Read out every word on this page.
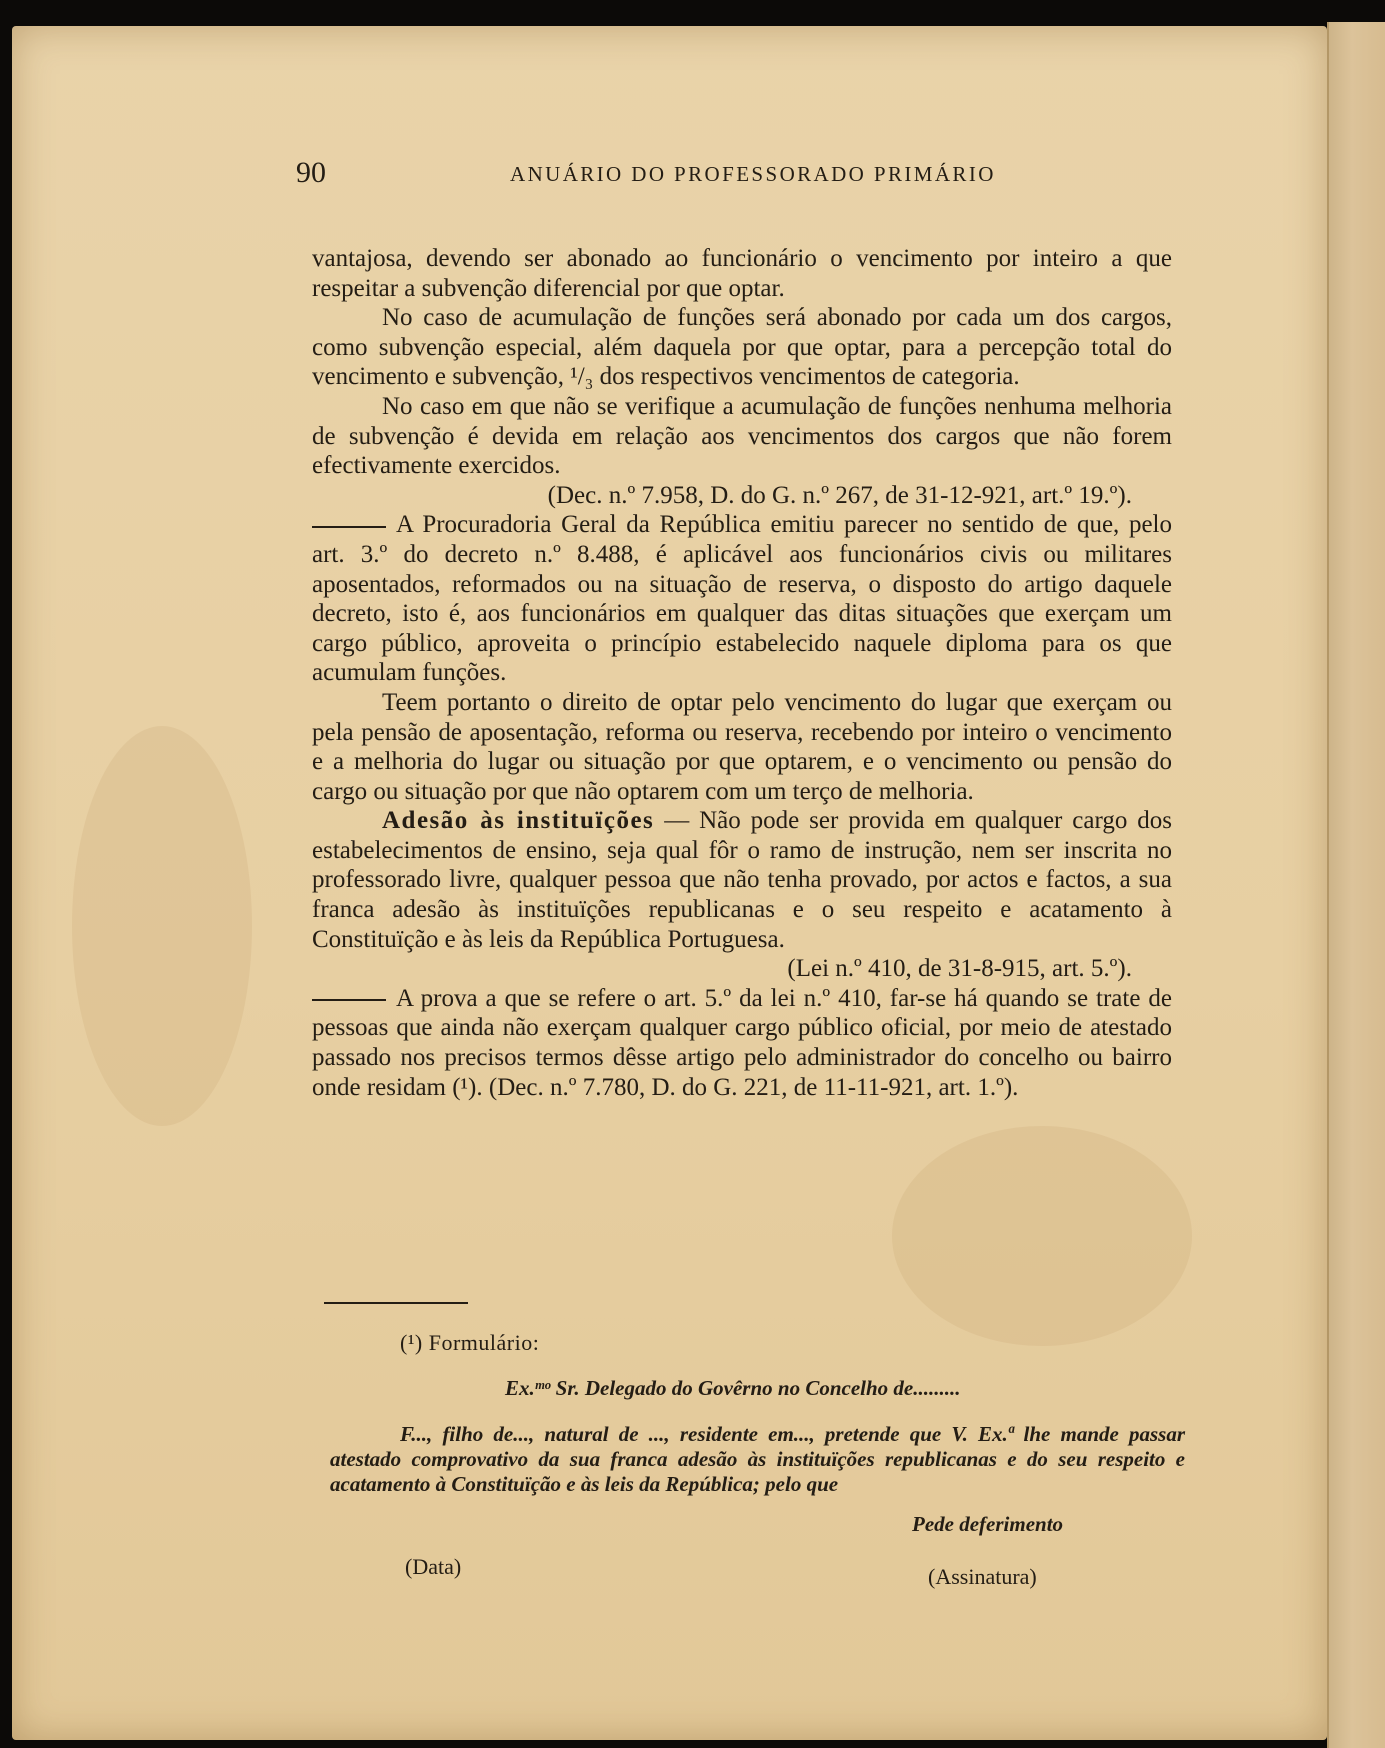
90	ANUÁRIO DO PROFESSORADO PRIMÁRIO

vantajosa, devendo ser abonado ao funcionário o vencimento por inteiro a que respeitar a subvenção diferencial por que optar.

No caso de acumulação de funções será abonado por cada um dos cargos, como subvenção especial, além daquela por que optar, para a percepção total do vencimento e subvenção, ¹/₃ dos respectivos vencimentos de categoria.

No caso em que não se verifique a acumulação de funções nenhuma melhoria de subvenção é devida em relação aos vencimentos dos cargos que não forem efectivamente exercidos.

(Dec. n.º 7.958, D. do G. n.º 267, de 31-12-921, art.º 19.º).

A Procuradoria Geral da República emitiu parecer no sentido de que, pelo art. 3.º do decreto n.º 8.488, é aplicável aos funcionários civis ou militares aposentados, reformados ou na situação de reserva, o disposto do artigo daquele decreto, isto é, aos funcionários em qualquer das ditas situações que exerçam um cargo público, aproveita o princípio estabelecido naquele diploma para os que acumulam funções.

Teem portanto o direito de optar pelo vencimento do lugar que exerçam ou pela pensão de aposentação, reforma ou reserva, recebendo por inteiro o vencimento e a melhoria do lugar ou situação por que optarem, e o vencimento ou pensão do cargo ou situação por que não optarem com um terço de melhoria.

Adesão às instituïções — Não pode ser provida em qualquer cargo dos estabelecimentos de ensino, seja qual fôr o ramo de instrução, nem ser inscrita no professorado livre, qualquer pessoa que não tenha provado, por actos e factos, a sua franca adesão às instituïções republicanas e o seu respeito e acatamento à Constituïção e às leis da República Portuguesa.

(Lei n.º 410, de 31-8-915, art. 5.º).

A prova a que se refere o art. 5.º da lei n.º 410, far-se há quando se trate de pessoas que ainda não exerçam qualquer cargo público oficial, por meio de atestado passado nos precisos termos dêsse artigo pelo administrador do concelho ou bairro onde residam (¹). (Dec. n.º 7.780, D. do G. 221, de 11-11-921, art. 1.º).

(¹) Formulário:
Ex.ᵐᵒ Sr. Delegado do Govêrno no Concelho de.........
F..., filho de..., natural de ..., residente em..., pretende que V. Ex.ª lhe mande passar atestado comprovativo da sua franca adesão às instituïções republicanas e do seu respeito e acatamento à Constituïção e às leis da República; pelo que
Pede deferimento
(Data)	(Assinatura)
